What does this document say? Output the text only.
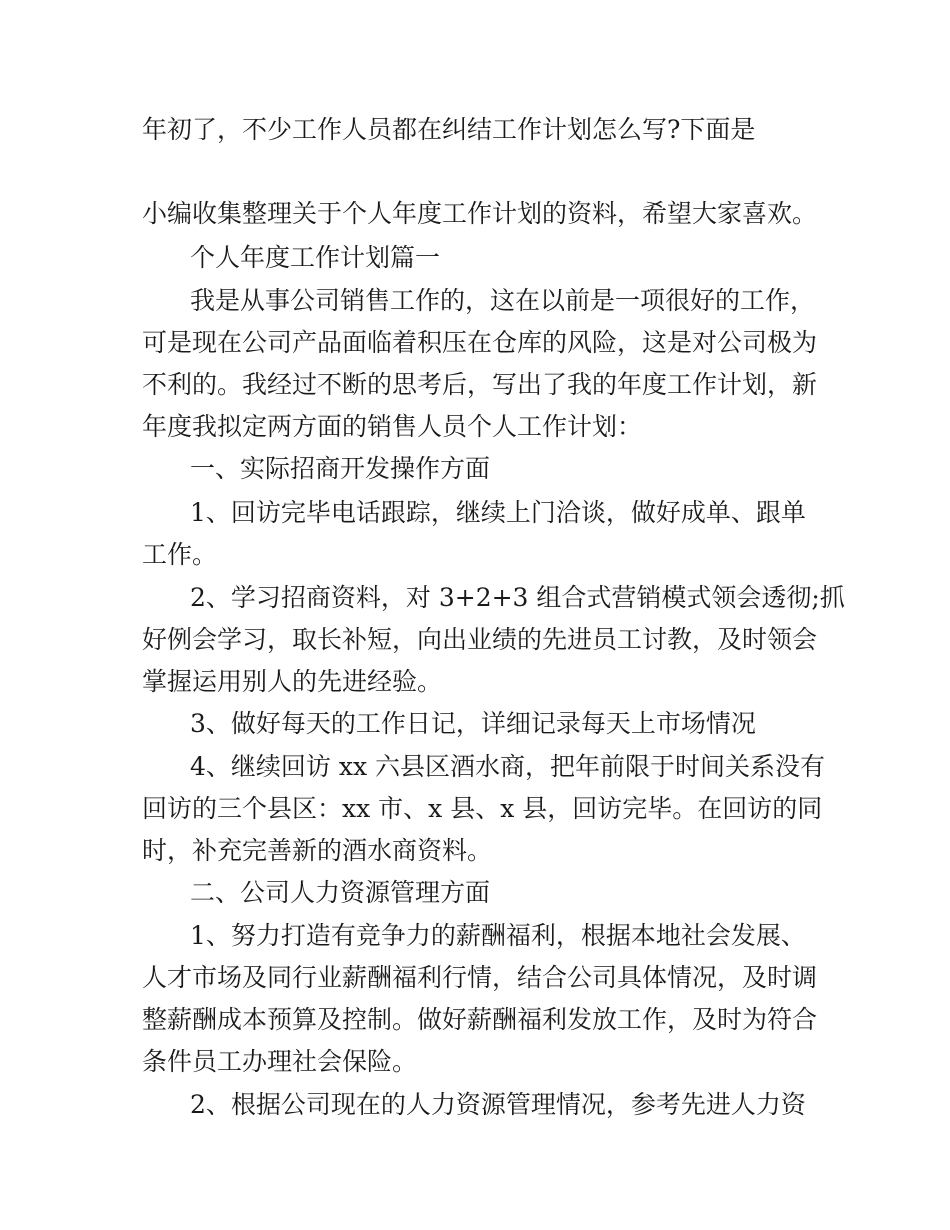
年初了，不少工作人员都在纠结工作计划怎么写?下面是
小编收集整理关于个人年度工作计划的资料，希望大家喜欢。
个人年度工作计划篇一
我是从事公司销售工作的，这在以前是一项很好的工作，
可是现在公司产品面临着积压在仓库的风险，这是对公司极为
不利的。我经过不断的思考后，写出了我的年度工作计划，新
年度我拟定两方面的销售人员个人工作计划：
一、实际招商开发操作方面
1、回访完毕电话跟踪，继续上门洽谈，做好成单、跟单
工作。
2、学习招商资料，对 3+2+3 组合式营销模式领会透彻;抓
好例会学习，取长补短，向出业绩的先进员工讨教，及时领会
掌握运用别人的先进经验。
3、做好每天的工作日记，详细记录每天上市场情况
4、继续回访 xx 六县区酒水商，把年前限于时间关系没有
回访的三个县区：xx 市、x 县、x 县，回访完毕。在回访的同
时，补充完善新的酒水商资料。
二、公司人力资源管理方面
1、努力打造有竞争力的薪酬福利，根据本地社会发展、
人才市场及同行业薪酬福利行情，结合公司具体情况，及时调
整薪酬成本预算及控制。做好薪酬福利发放工作，及时为符合
条件员工办理社会保险。
2、根据公司现在的人力资源管理情况，参考先进人力资
